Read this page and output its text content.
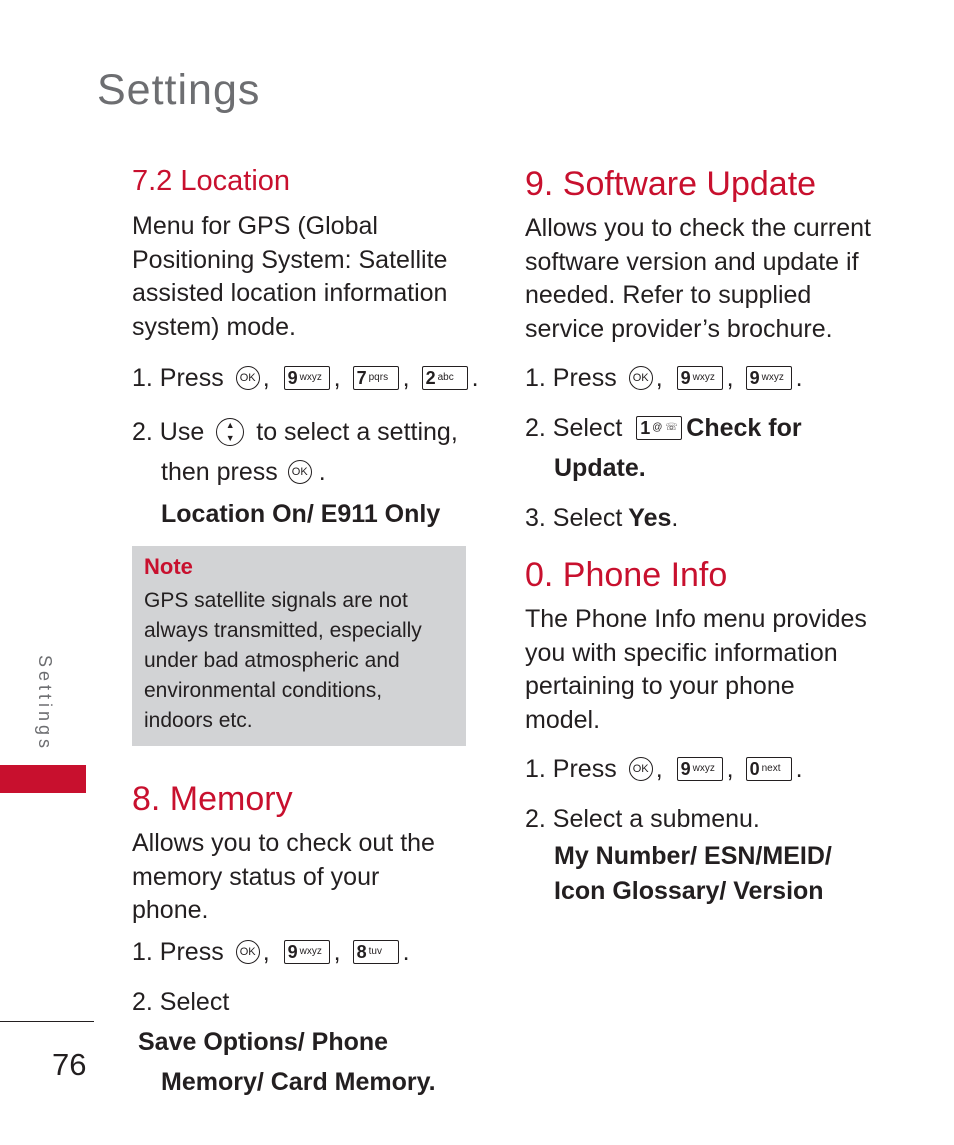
Settings
7.2 Location

Menu for GPS (Global Positioning System: Satellite assisted location information system) mode.

1. Press	OK , 9 wxyz , 7 pqrs , 2 abc .
2. Use	▲
▼ to select a setting,
then press	OK .
Location On/ E911 Only

Note

GPS satellite signals are not always transmitted, especially under bad atmospheric and environmental conditions, indoors etc.

8. Memory

Allows you to check out the memory status of your phone.

1. Press	OK , 9 wxyz , 8 tuv .
2. Select
Save Options/ Phone
Memory/ Card Memory.
9. Software Update

Allows you to check the current software version and update if needed. Refer to supplied service provider’s brochure.

1. Press	OK , 9 wxyz , 9 wxyz .
2. Select 1 @ ☏ Check for
Update.
3. Select Yes .
0. Phone Info

The Phone Info menu provides you with specific information pertaining to your phone model.

1. Press	OK , 9 wxyz , 0 next .
2. Select a submenu.
My Number/ ESN/MEID/
Icon Glossary/ Version
Settings
76
